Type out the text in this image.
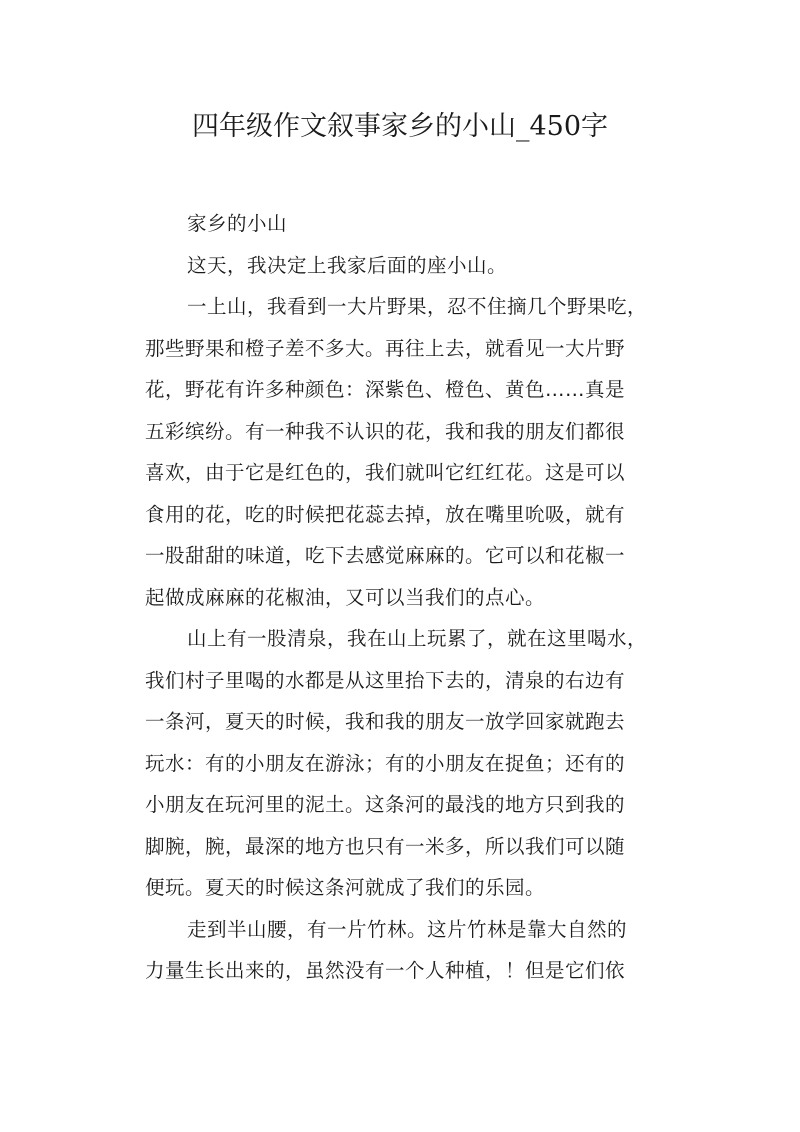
四年级作文叙事家乡的小山_450字
家乡的小山
这天，我决定上我家后面的座小山。
一上山，我看到一大片野果，忍不住摘几个野果吃，
那些野果和橙子差不多大。再往上去，就看见一大片野
花，野花有许多种颜色：深紫色、橙色、黄色……真是
五彩缤纷。有一种我不认识的花，我和我的朋友们都很
喜欢，由于它是红色的，我们就叫它红红花。这是可以
食用的花，吃的时候把花蕊去掉，放在嘴里吮吸，就有
一股甜甜的味道，吃下去感觉麻麻的。它可以和花椒一
起做成麻麻的花椒油，又可以当我们的点心。
山上有一股清泉，我在山上玩累了，就在这里喝水，
我们村子里喝的水都是从这里抬下去的，清泉的右边有
一条河，夏天的时候，我和我的朋友一放学回家就跑去
玩水：有的小朋友在游泳；有的小朋友在捉鱼；还有的
小朋友在玩河里的泥土。这条河的最浅的地方只到我的
脚腕，腕，最深的地方也只有一米多，所以我们可以随
便玩。夏天的时候这条河就成了我们的乐园。
走到半山腰，有一片竹林。这片竹林是靠大自然的
力量生长出来的，虽然没有一个人种植，！但是它们依
